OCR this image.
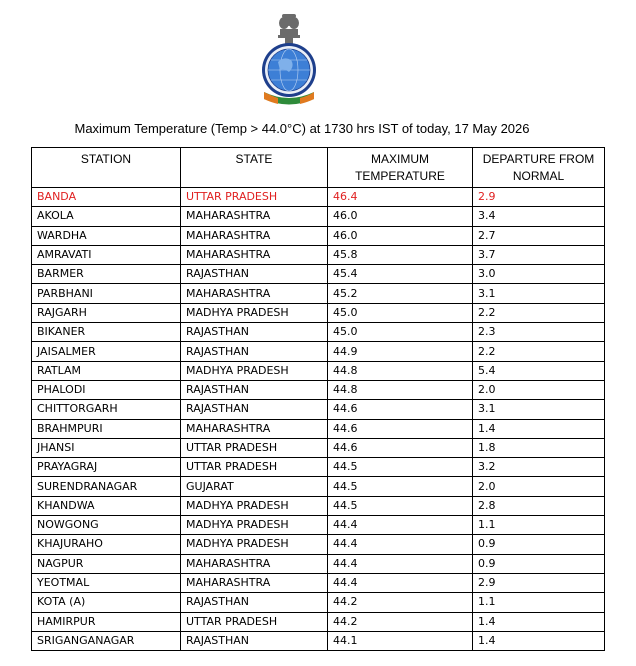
Maximum Temperature (Temp > 44.0°C) at 1730 hrs IST of today, 17 May 2026
STATION	STATE	MAXIMUM TEMPERATURE	DEPARTURE FROM NORMAL
BANDA	UTTAR PRADESH	46.4	2.9
AKOLA	MAHARASHTRA	46.0	3.4
WARDHA	MAHARASHTRA	46.0	2.7
AMRAVATI	MAHARASHTRA	45.8	3.7
BARMER	RAJASTHAN	45.4	3.0
PARBHANI	MAHARASHTRA	45.2	3.1
RAJGARH	MADHYA PRADESH	45.0	2.2
BIKANER	RAJASTHAN	45.0	2.3
JAISALMER	RAJASTHAN	44.9	2.2
RATLAM	MADHYA PRADESH	44.8	5.4
PHALODI	RAJASTHAN	44.8	2.0
CHITTORGARH	RAJASTHAN	44.6	3.1
BRAHMPURI	MAHARASHTRA	44.6	1.4
JHANSI	UTTAR PRADESH	44.6	1.8
PRAYAGRAJ	UTTAR PRADESH	44.5	3.2
SURENDRANAGAR	GUJARAT	44.5	2.0
KHANDWA	MADHYA PRADESH	44.5	2.8
NOWGONG	MADHYA PRADESH	44.4	1.1
KHAJURAHO	MADHYA PRADESH	44.4	0.9
NAGPUR	MAHARASHTRA	44.4	0.9
YEOTMAL	MAHARASHTRA	44.4	2.9
KOTA (A)	RAJASTHAN	44.2	1.1
HAMIRPUR	UTTAR PRADESH	44.2	1.4
SRIGANGANAGAR	RAJASTHAN	44.1	1.4
